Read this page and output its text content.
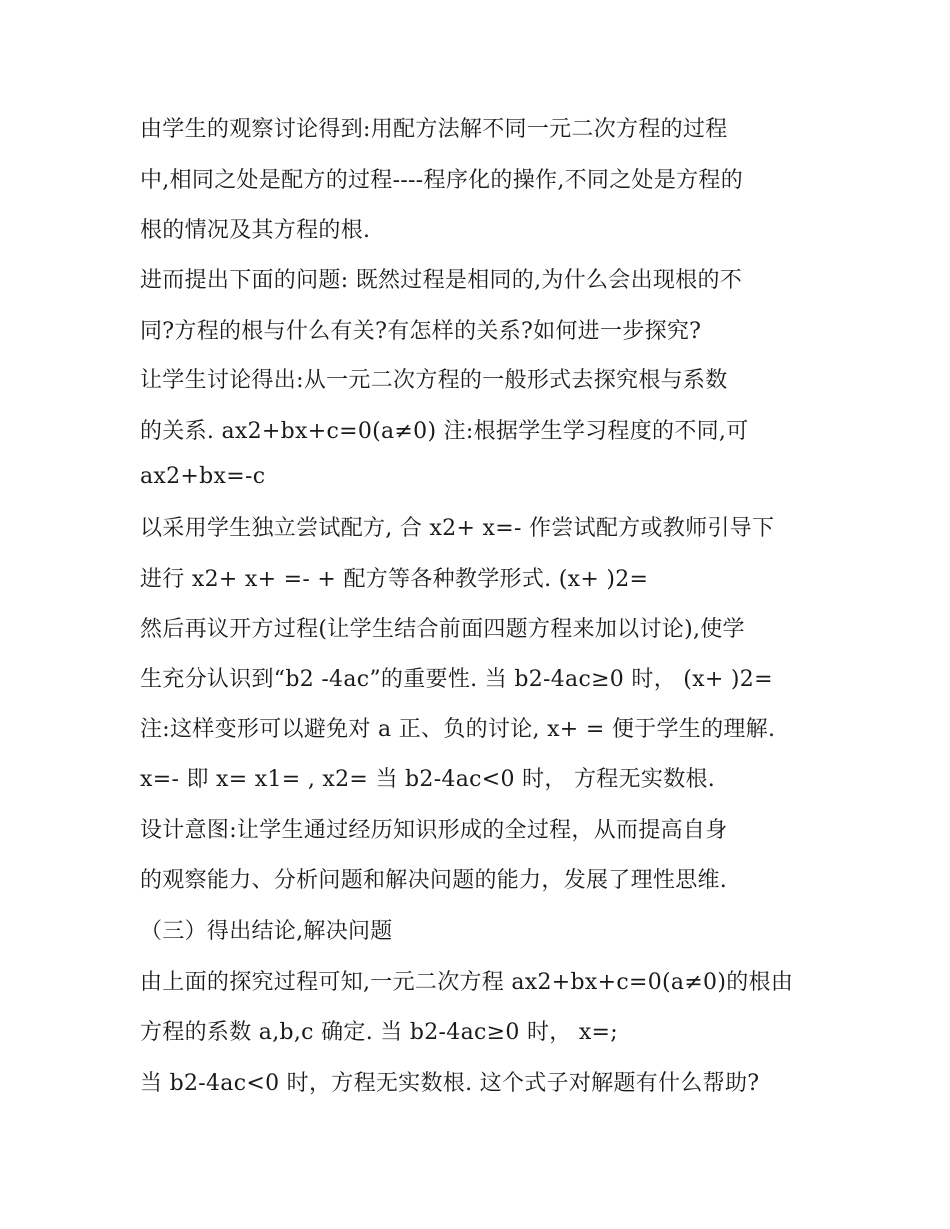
由学生的观察讨论得到:用配方法解不同一元二次方程的过程
中,相同之处是配方的过程----程序化的操作,不同之处是方程的
根的情况及其方程的根.
进而提出下面的问题: 既然过程是相同的,为什么会出现根的不
同?方程的根与什么有关?有怎样的关系?如何进一步探究?
让学生讨论得出:从一元二次方程的一般形式去探究根与系数
的关系. ax2+bx+c=0(a≠0) 注:根据学生学习程度的不同,可
ax2+bx=-c
以采用学生独立尝试配方, 合 x2+ x=- 作尝试配方或教师引导下
进行 x2+ x+ =- + 配方等各种教学形式. (x+ )2=
然后再议开方过程(让学生结合前面四题方程来加以讨论),使学
生充分认识到“b2 -4ac”的重要性. 当 b2-4ac≥0 时， (x+ )2=
注:这样变形可以避免对 a 正、负的讨论, x+ = 便于学生的理解.
x=- 即 x= x1= , x2= 当 b2-4ac<0 时， 方程无实数根.
设计意图:让学生通过经历知识形成的全过程，从而提高自身
的观察能力、分析问题和解决问题的能力，发展了理性思维.
（三）得出结论,解决问题
由上面的探究过程可知,一元二次方程 ax2+bx+c=0(a≠0)的根由
方程的系数 a,b,c 确定. 当 b2-4ac≥0 时， x=;
当 b2-4ac<0 时，方程无实数根. 这个式子对解题有什么帮助?
